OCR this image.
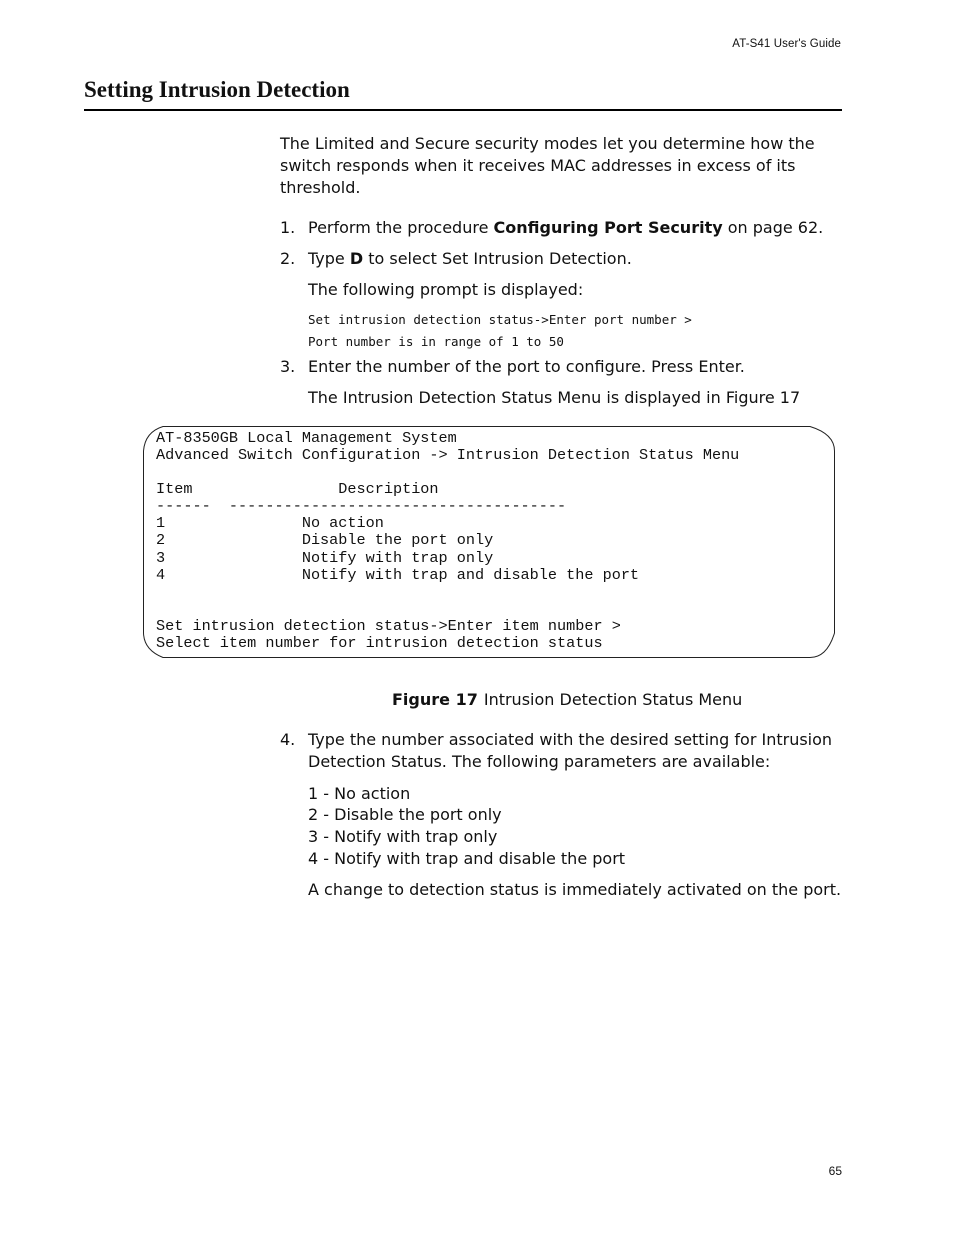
AT-S41 User's Guide
Setting Intrusion Detection
The Limited and Secure security modes let you determine how the switch responds when it receives MAC addresses in excess of its threshold.
1. Perform the procedure Configuring Port Security on page 62.
2. Type D to select Set Intrusion Detection.
The following prompt is displayed:
Set intrusion detection status->Enter port number >
Port number is in range of 1 to 50
3. Enter the number of the port to configure. Press Enter.
The Intrusion Detection Status Menu is displayed in Figure 17
AT-8350GB Local Management System
Advanced Switch Configuration -> Intrusion Detection Status Menu
Item                Description
------  -------------------------------------
1               No action
2               Disable the port only
3               Notify with trap only
4               Notify with trap and disable the port
Set intrusion detection status->Enter item number >
Select item number for intrusion detection status
Figure 17 Intrusion Detection Status Menu
4. Type the number associated with the desired setting for Intrusion
Detection Status. The following parameters are available:
1 - No action
2 - Disable the port only
3 - Notify with trap only
4 - Notify with trap and disable the port
A change to detection status is immediately activated on the port.
65
